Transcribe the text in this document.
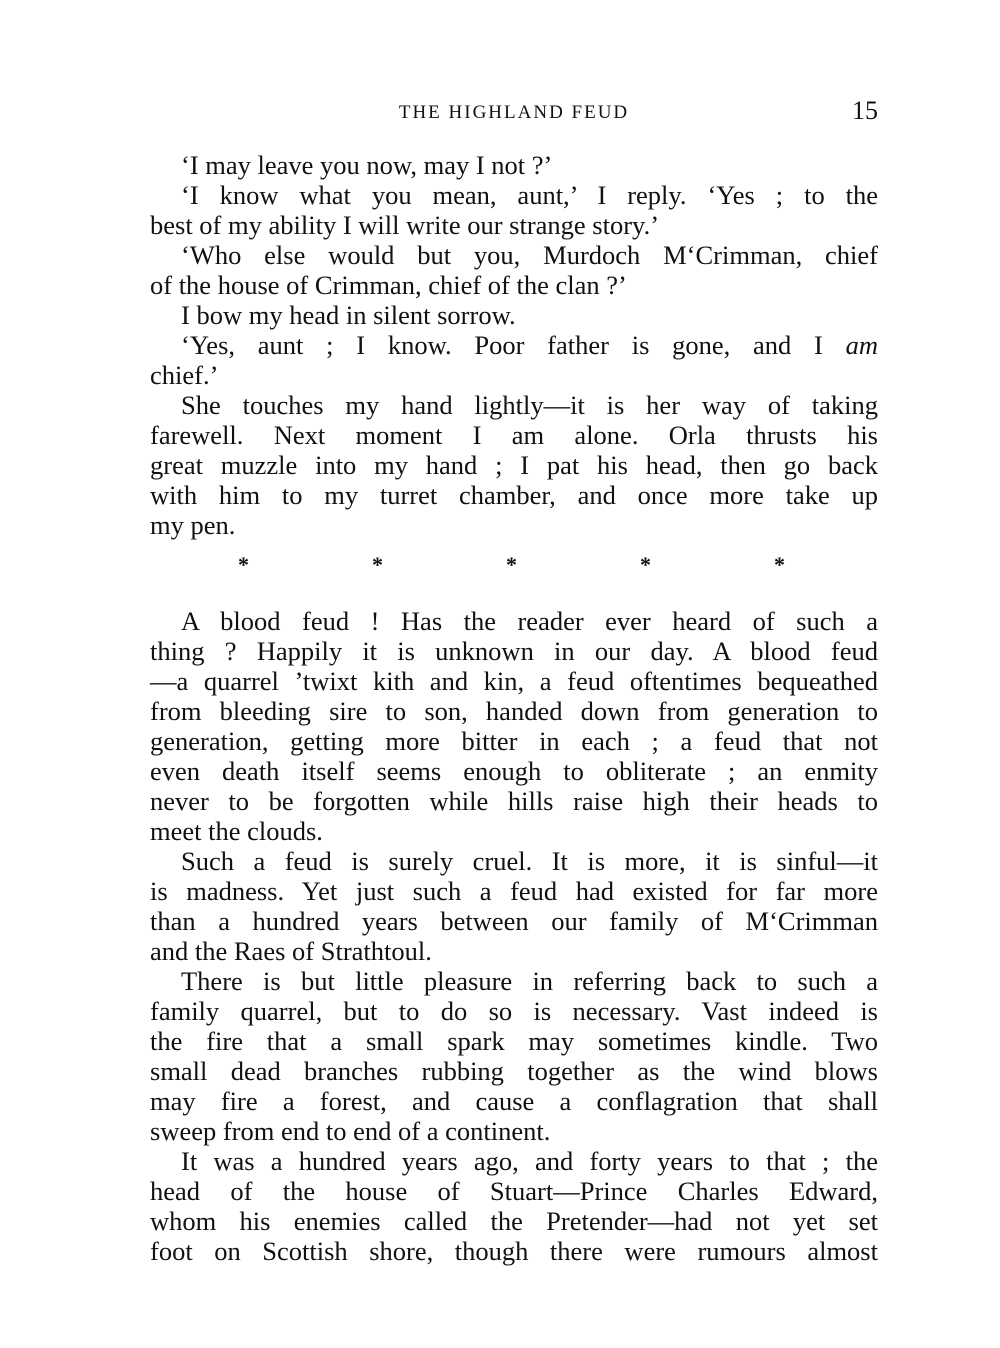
THE HIGHLAND FEUD	15
‘I may leave you now, may I not ?’
‘I know what you mean, aunt,’ I reply. ‘Yes ; to the
best of my ability I will write our strange story.’
‘Who else would but you, Murdoch M‘Crimman, chief
of the house of Crimman, chief of the clan ?’
I bow my head in silent sorrow.
‘Yes, aunt ; I know. Poor father is gone, and I am
chief.’
She touches my hand lightly—it is her way of taking
farewell. Next moment I am alone. Orla thrusts his
great muzzle into my hand ; I pat his head, then go back
with him to my turret chamber, and once more take up
my pen.
*	*	*	*	*
A blood feud ! Has the reader ever heard of such a
thing ? Happily it is unknown in our day. A blood feud
—a quarrel ’twixt kith and kin, a feud oftentimes bequeathed
from bleeding sire to son, handed down from generation to
generation, getting more bitter in each ; a feud that not
even death itself seems enough to obliterate ; an enmity
never to be forgotten while hills raise high their heads to
meet the clouds.
Such a feud is surely cruel. It is more, it is sinful—it
is madness. Yet just such a feud had existed for far more
than a hundred years between our family of M‘Crimman
and the Raes of Strathtoul.
There is but little pleasure in referring back to such a
family quarrel, but to do so is necessary. Vast indeed is
the fire that a small spark may sometimes kindle. Two
small dead branches rubbing together as the wind blows
may fire a forest, and cause a conflagration that shall
sweep from end to end of a continent.
It was a hundred years ago, and forty years to that ; the
head of the house of Stuart—Prince Charles Edward,
whom his enemies called the Pretender—had not yet set
foot on Scottish shore, though there were rumours almost
